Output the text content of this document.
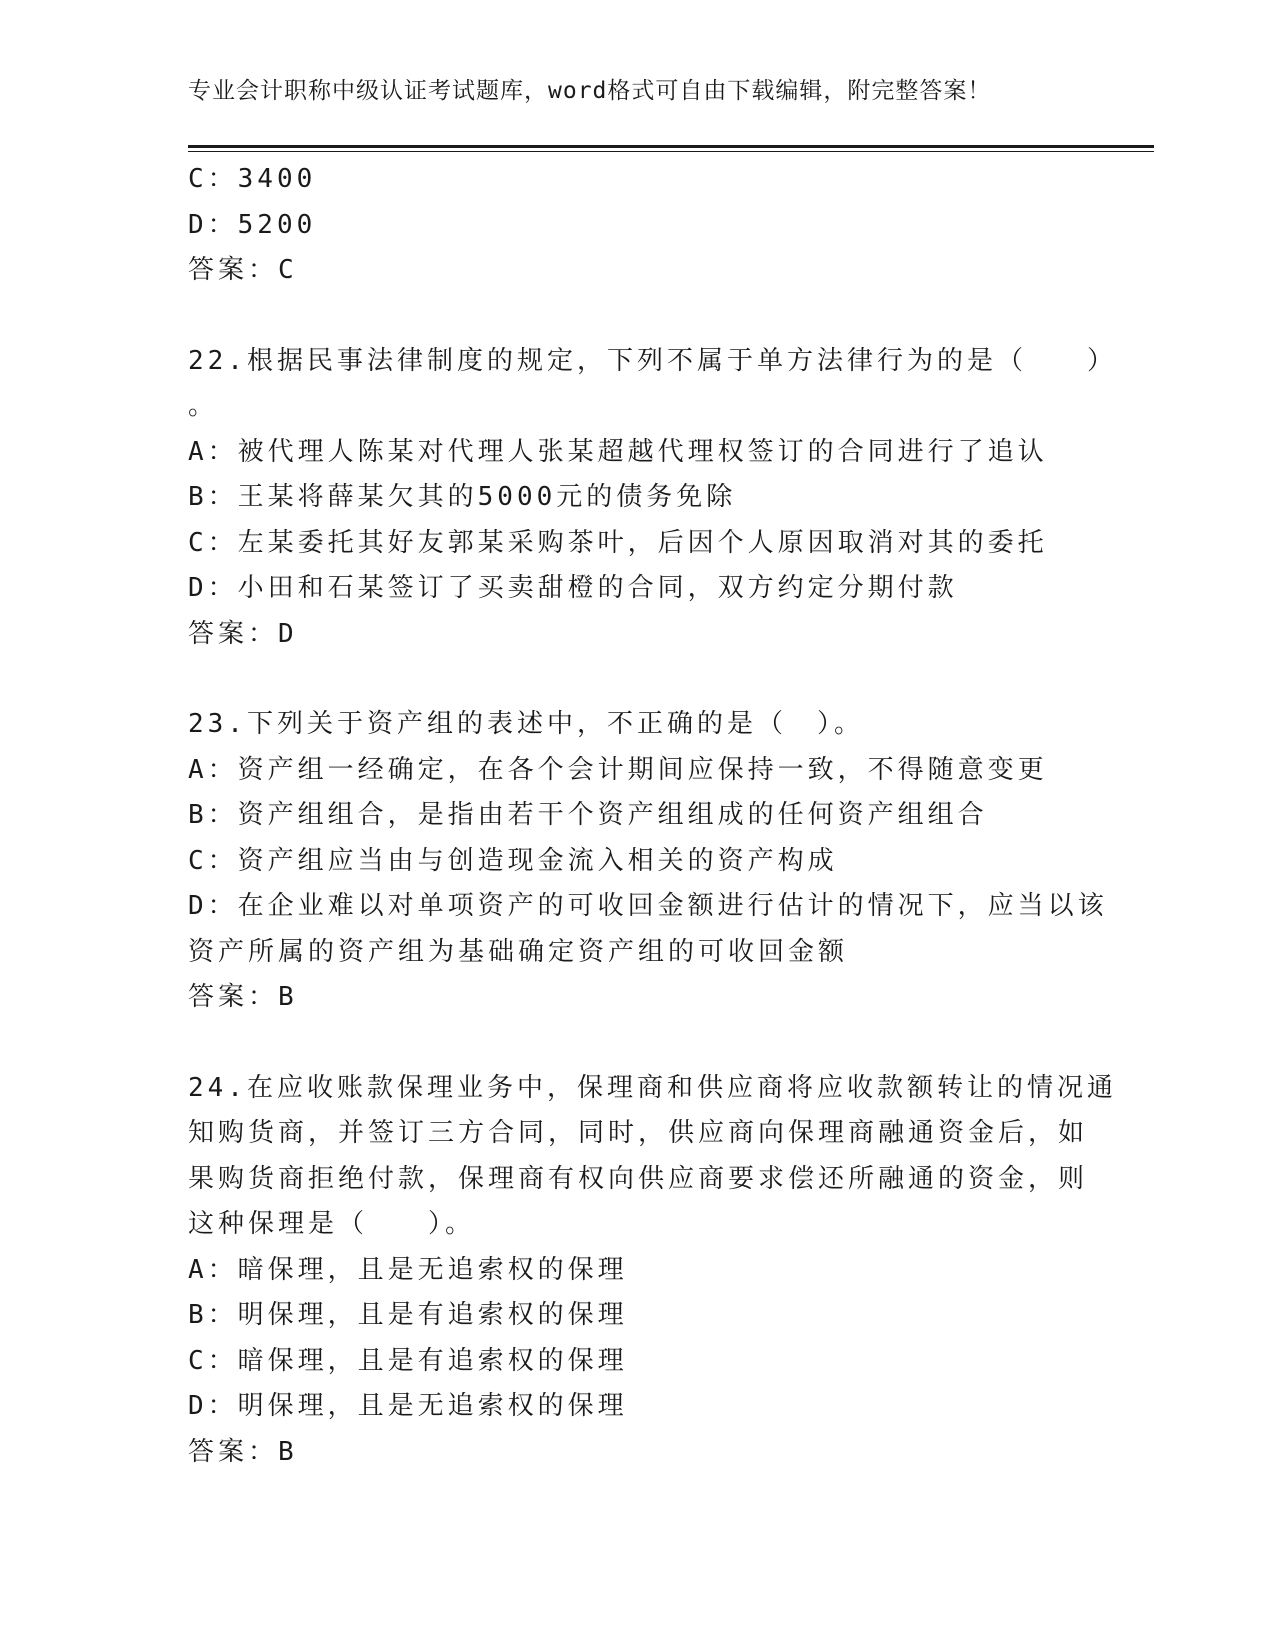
专业会计职称中级认证考试题库，word格式可自由下载编辑，附完整答案！
C：3400
D：5200
答案：C
22.根据民事法律制度的规定，下列不属于单方法律行为的是（　　）
。
A：被代理人陈某对代理人张某超越代理权签订的合同进行了追认
B：王某将薛某欠其的5000元的债务免除
C：左某委托其好友郭某采购茶叶，后因个人原因取消对其的委托
D：小田和石某签订了买卖甜橙的合同，双方约定分期付款
答案：D
23.下列关于资产组的表述中，不正确的是（　）。
A：资产组一经确定，在各个会计期间应保持一致，不得随意变更
B：资产组组合，是指由若干个资产组组成的任何资产组组合
C：资产组应当由与创造现金流入相关的资产构成
D：在企业难以对单项资产的可收回金额进行估计的情况下，应当以该
资产所属的资产组为基础确定资产组的可收回金额
答案：B
24.在应收账款保理业务中，保理商和供应商将应收款额转让的情况通
知购货商，并签订三方合同，同时，供应商向保理商融通资金后，如
果购货商拒绝付款，保理商有权向供应商要求偿还所融通的资金，则
这种保理是（　　）。
A：暗保理，且是无追索权的保理
B：明保理，且是有追索权的保理
C：暗保理，且是有追索权的保理
D：明保理，且是无追索权的保理
答案：B
